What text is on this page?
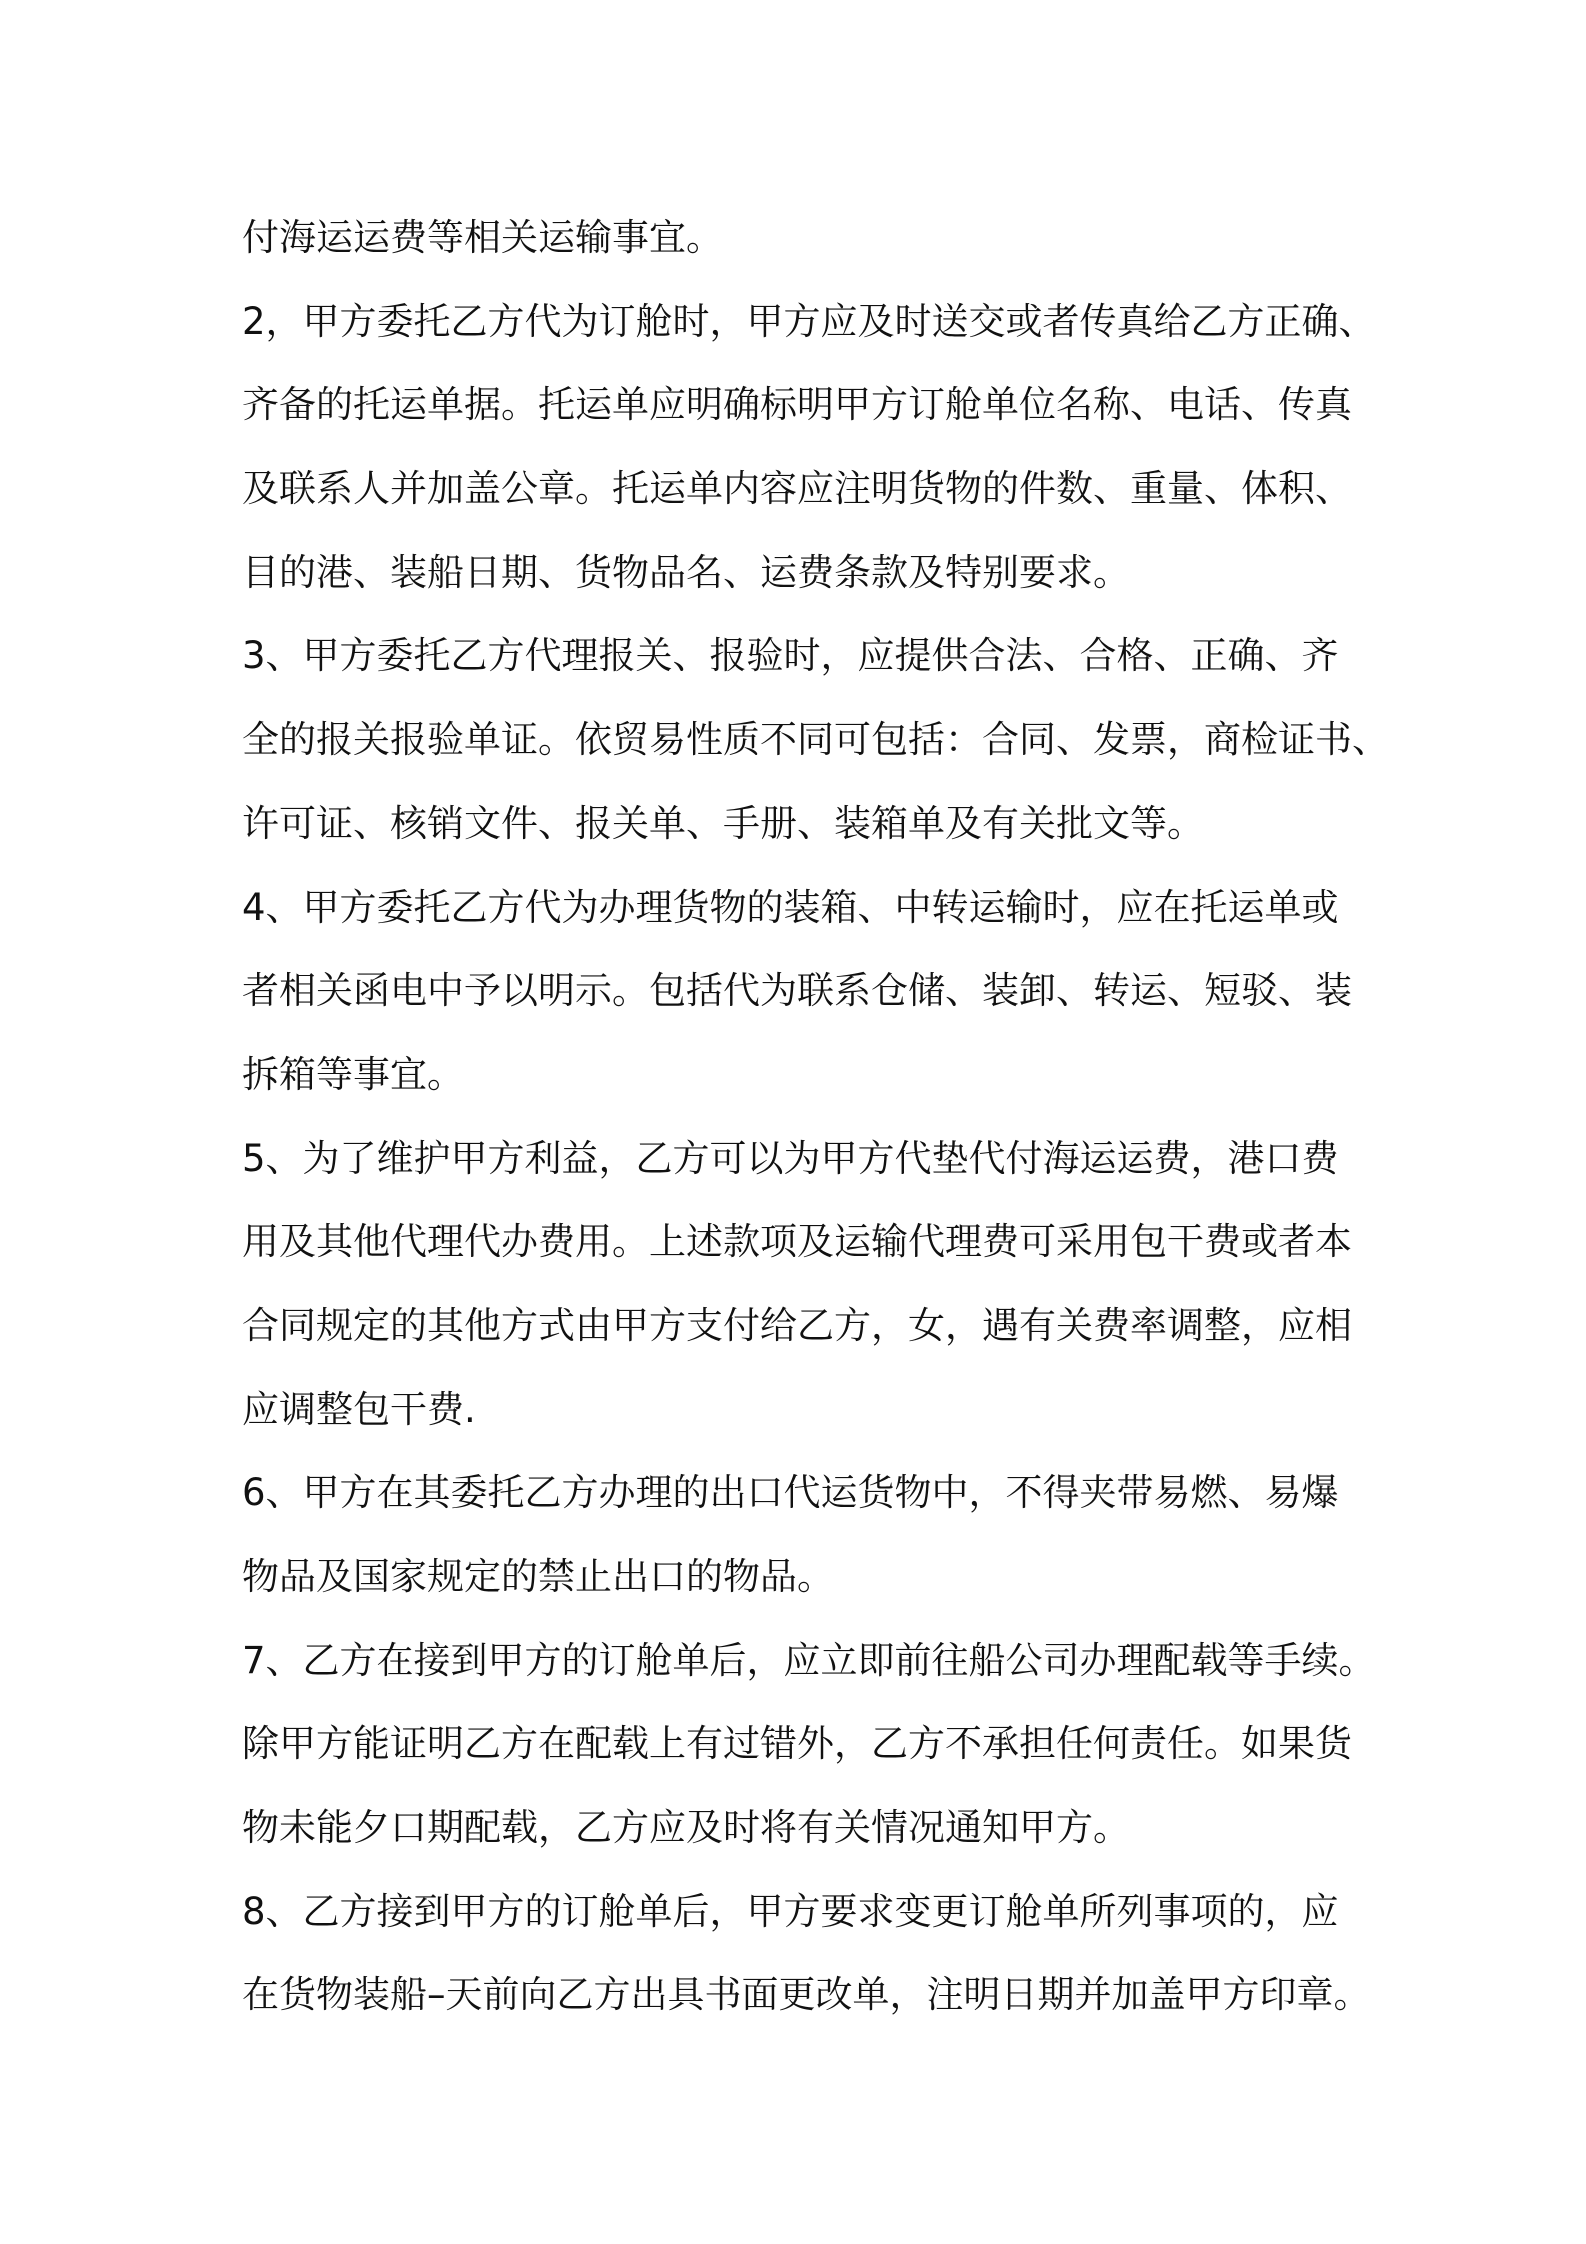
付海运运费等相关运输事宜。
2，甲方委托乙方代为订舱时，甲方应及时送交或者传真给乙方正确、
齐备的托运单据。托运单应明确标明甲方订舱单位名称、电话、传真
及联系人并加盖公章。托运单内容应注明货物的件数、重量、体积、
目的港、装船日期、货物品名、运费条款及特别要求。
3、甲方委托乙方代理报关、报验时，应提供合法、合格、正确、齐
全的报关报验单证。依贸易性质不同可包括：合同、发票，商检证书、
许可证、核销文件、报关单、手册、装箱单及有关批文等。
4、甲方委托乙方代为办理货物的装箱、中转运输时，应在托运单或
者相关函电中予以明示。包括代为联系仓储、装卸、转运、短驳、装
拆箱等事宜。
5、为了维护甲方利益，乙方可以为甲方代垫代付海运运费，港口费
用及其他代理代办费用。上述款项及运输代理费可采用包干费或者本
合同规定的其他方式由甲方支付给乙方，女，遇有关费率调整，应相
应调整包干费.
6、甲方在其委托乙方办理的出口代运货物中，不得夹带易燃、易爆
物品及国家规定的禁止出口的物品。
7、乙方在接到甲方的订舱单后，应立即前往船公司办理配载等手续。
除甲方能证明乙方在配载上有过错外，乙方不承担任何责任。如果货
物未能夕口期配载，乙方应及时将有关情况通知甲方。
8、乙方接到甲方的订舱单后，甲方要求变更订舱单所列事项的，应
在货物装船–天前向乙方出具书面更改单，注明日期并加盖甲方印章。
